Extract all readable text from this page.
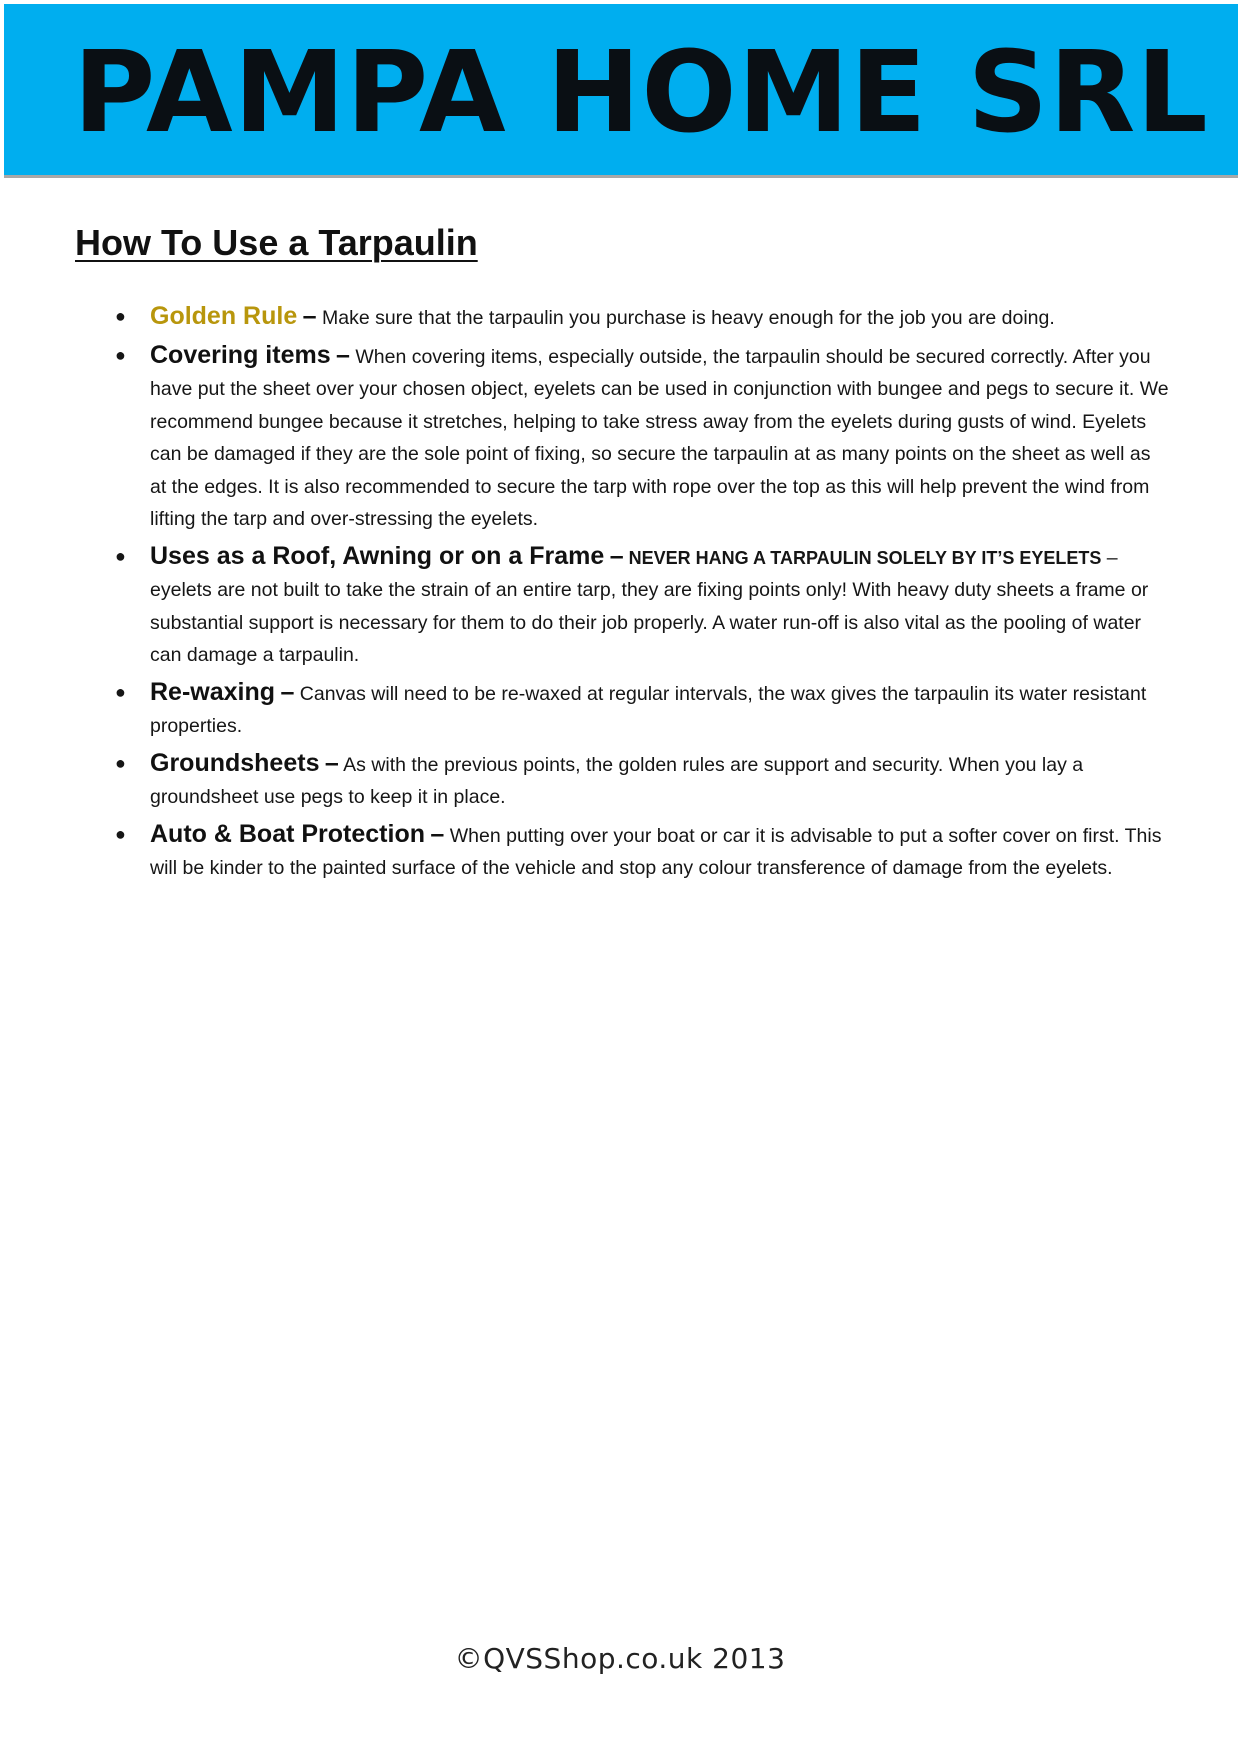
PAMPA HOME SRL
How To Use a Tarpaulin
● Golden Rule – Make sure that the tarpaulin you purchase is heavy enough for the job you are doing.
● Covering items – When covering items, especially outside, the tarpaulin should be secured correctly. After you have put the sheet over your chosen object, eyelets can be used in conjunction with bungee and pegs to secure it. We recommend bungee because it stretches, helping to take stress away from the eyelets during gusts of wind. Eyelets can be damaged if they are the sole point of fixing, so secure the tarpaulin at as many points on the sheet as well as at the edges. It is also recommended to secure the tarp with rope over the top as this will help prevent the wind from lifting the tarp and over-stressing the eyelets.
● Uses as a Roof, Awning or on a Frame – NEVER HANG A TARPAULIN SOLELY BY IT’S EYELETS – eyelets are not built to take the strain of an entire tarp, they are fixing points only! With heavy duty sheets a frame or substantial support is necessary for them to do their job properly. A water run-off is also vital as the pooling of water can damage a tarpaulin.
● Re-waxing – Canvas will need to be re-waxed at regular intervals, the wax gives the tarpaulin its water resistant properties.
● Groundsheets – As with the previous points, the golden rules are support and security. When you lay a groundsheet use pegs to keep it in place.
● Auto & Boat Protection – When putting over your boat or car it is advisable to put a softer cover on first. This will be kinder to the painted surface of the vehicle and stop any colour transference of damage from the eyelets.
©QVSShop.co.uk 2013
